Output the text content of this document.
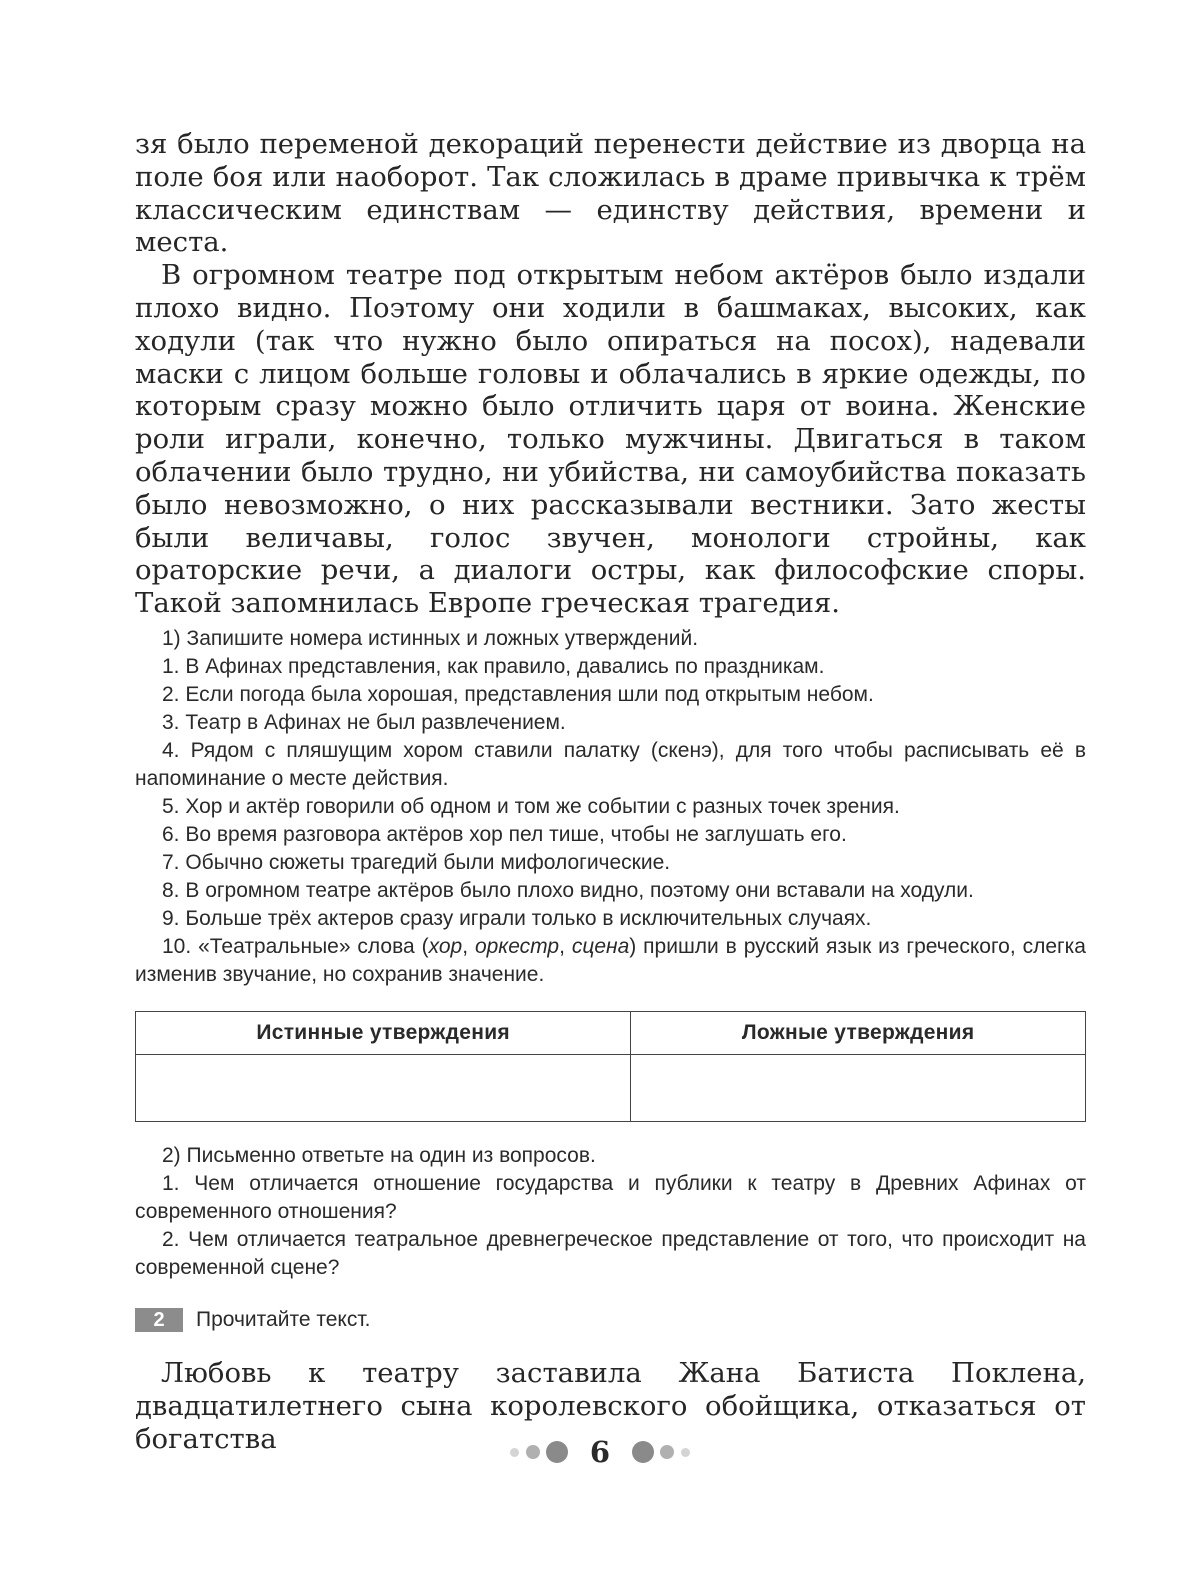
зя было переменой декораций перенести действие из дворца на поле боя или наоборот. Так сложилась в драме привычка к трём классическим единствам — единству действия, времени и места.

В огромном театре под открытым небом актёров было издали плохо видно. Поэтому они ходили в башмаках, высоких, как ходули (так что нужно было опираться на посох), надевали маски с лицом больше головы и облачались в яркие одежды, по которым сразу можно было отличить царя от воина. Женские роли играли, конечно, только мужчины. Двигаться в таком облачении было трудно, ни убийства, ни самоубийства показать было невозможно, о них рассказывали вестники. Зато жесты были величавы, голос звучен, монологи стройны, как ораторские речи, а диалоги остры, как философские споры. Такой запомнилась Европе греческая трагедия.

1) Запишите номера истинных и ложных утверждений.

1. В Афинах представления, как правило, давались по праздникам.

2. Если погода была хорошая, представления шли под открытым небом.

3. Театр в Афинах не был развлечением.

4. Рядом с пляшущим хором ставили палатку (скенэ), для того чтобы расписывать её в напоминание о месте действия.

5. Хор и актёр говорили об одном и том же событии с разных точек зрения.

6. Во время разговора актёров хор пел тише, чтобы не заглушать его.

7. Обычно сюжеты трагедий были мифологические.

8. В огромном театре актёров было плохо видно, поэтому они вставали на ходули.

9. Больше трёх актеров сразу играли только в исключительных случаях.

10. «Театральные» слова (хор, оркестр, сцена) пришли в русский язык из греческого, слегка изменив звучание, но сохранив значение.

Истинные утверждения	Ложные утверждения

2) Письменно ответьте на один из вопросов.

1. Чем отличается отношение государства и публики к театру в Древних Афинах от современного отношения?

2. Чем отличается театральное древнегреческое представление от того, что происходит на современной сцене?

2	Прочитайте текст.

Любовь к театру заставила Жана Батиста Поклена, двадцатилетнего сына королевского обойщика, отказаться от богатства	6
